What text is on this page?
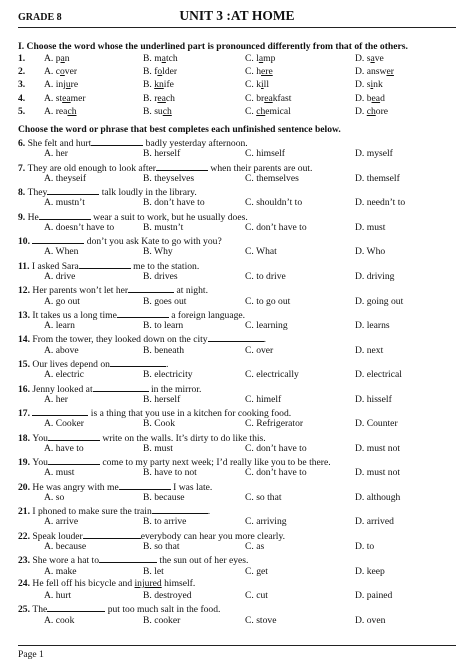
GRADE 8	UNIT 3 :AT HOME
I. Choose the word whose the underlined part is pronounced differently from that of the others.
1. A. pan	B. match	C. lamp	D. save
2. A. cover	B. folder	C. here	D. answer
3. A. injure	B. knife	C. kill	D. sink
4. A. steamer	B. reach	C. breakfast	D. bead
5. A. reach	B. such	C. chemical	D. chore
Choose the word or phrase that best completes each unfinished sentence below.
6. She felt and hurt	badly yesterday afternoon.
A. her	B. herself	C. himself	D. myself
7. They are old enough to look after	when their parents are out.
A. theyseif	B. theyselves	C. themselves	D. themself
8. They	talk loudly in the library.
A. mustn’t	B. don’t have to	C. shouldn’t to	D. needn’t to
9. He	wear a suit to work, but he usually does.
A. doesn’t have to	B. mustn’t	C. don’t have to	D. must
10.	don’t you ask Kate to go with you?
A. When	B. Why	C. What	D. Who
11. I asked Sara	me to the station.
A. drive	B. drives	C. to drive	D. driving
12. Her parents won’t let her	at night.
A. go out	B. goes out	C. to go out	D. going out
13. It takes us a long time	a foreign language.
A. learn	B. to learn	C. learning	D. learns
14. From the tower, they looked down on the city	.
A. above	B. beneath	C. over	D. next
15. Our lives depend on	.
A. electric	B. electricity	C. electrically	D. electrical
16. Jenny looked at	in the mirror.
A. her	B. herself	C. himelf	D. hisself
17.	is a thing that you use in a kitchen for cooking food.
A. Cooker	B. Cook	C. Refrigerator	D. Counter
18. You	write on the walls. It’s dirty to do like this.
A. have to	B. must	C. don’t have to	D. must not
19. You	come to my party next week; I’d really like you to be there.
A. must	B. have to not	C. don’t have to	D. must not
20. He was angry with me	I was late.
A. so	B. because	C. so that	D. although
21. I phoned to make sure the train	.
A. arrive	B. to arrive	C. arriving	D. arrived
22. Speak louder	everybody can hear you more clearly.
A. because	B. so that	C. as	D. to
23. She wore a hat to	the sun out of her eyes.
A. make	B. let	C. get	D. keep
24. He fell off his bicycle and injured himself.
A. hurt	B. destroyed	C. cut	D. pained
25. The	put too much salt in the food.
A. cook	B. cooker	C. stove	D. oven
Page 1
